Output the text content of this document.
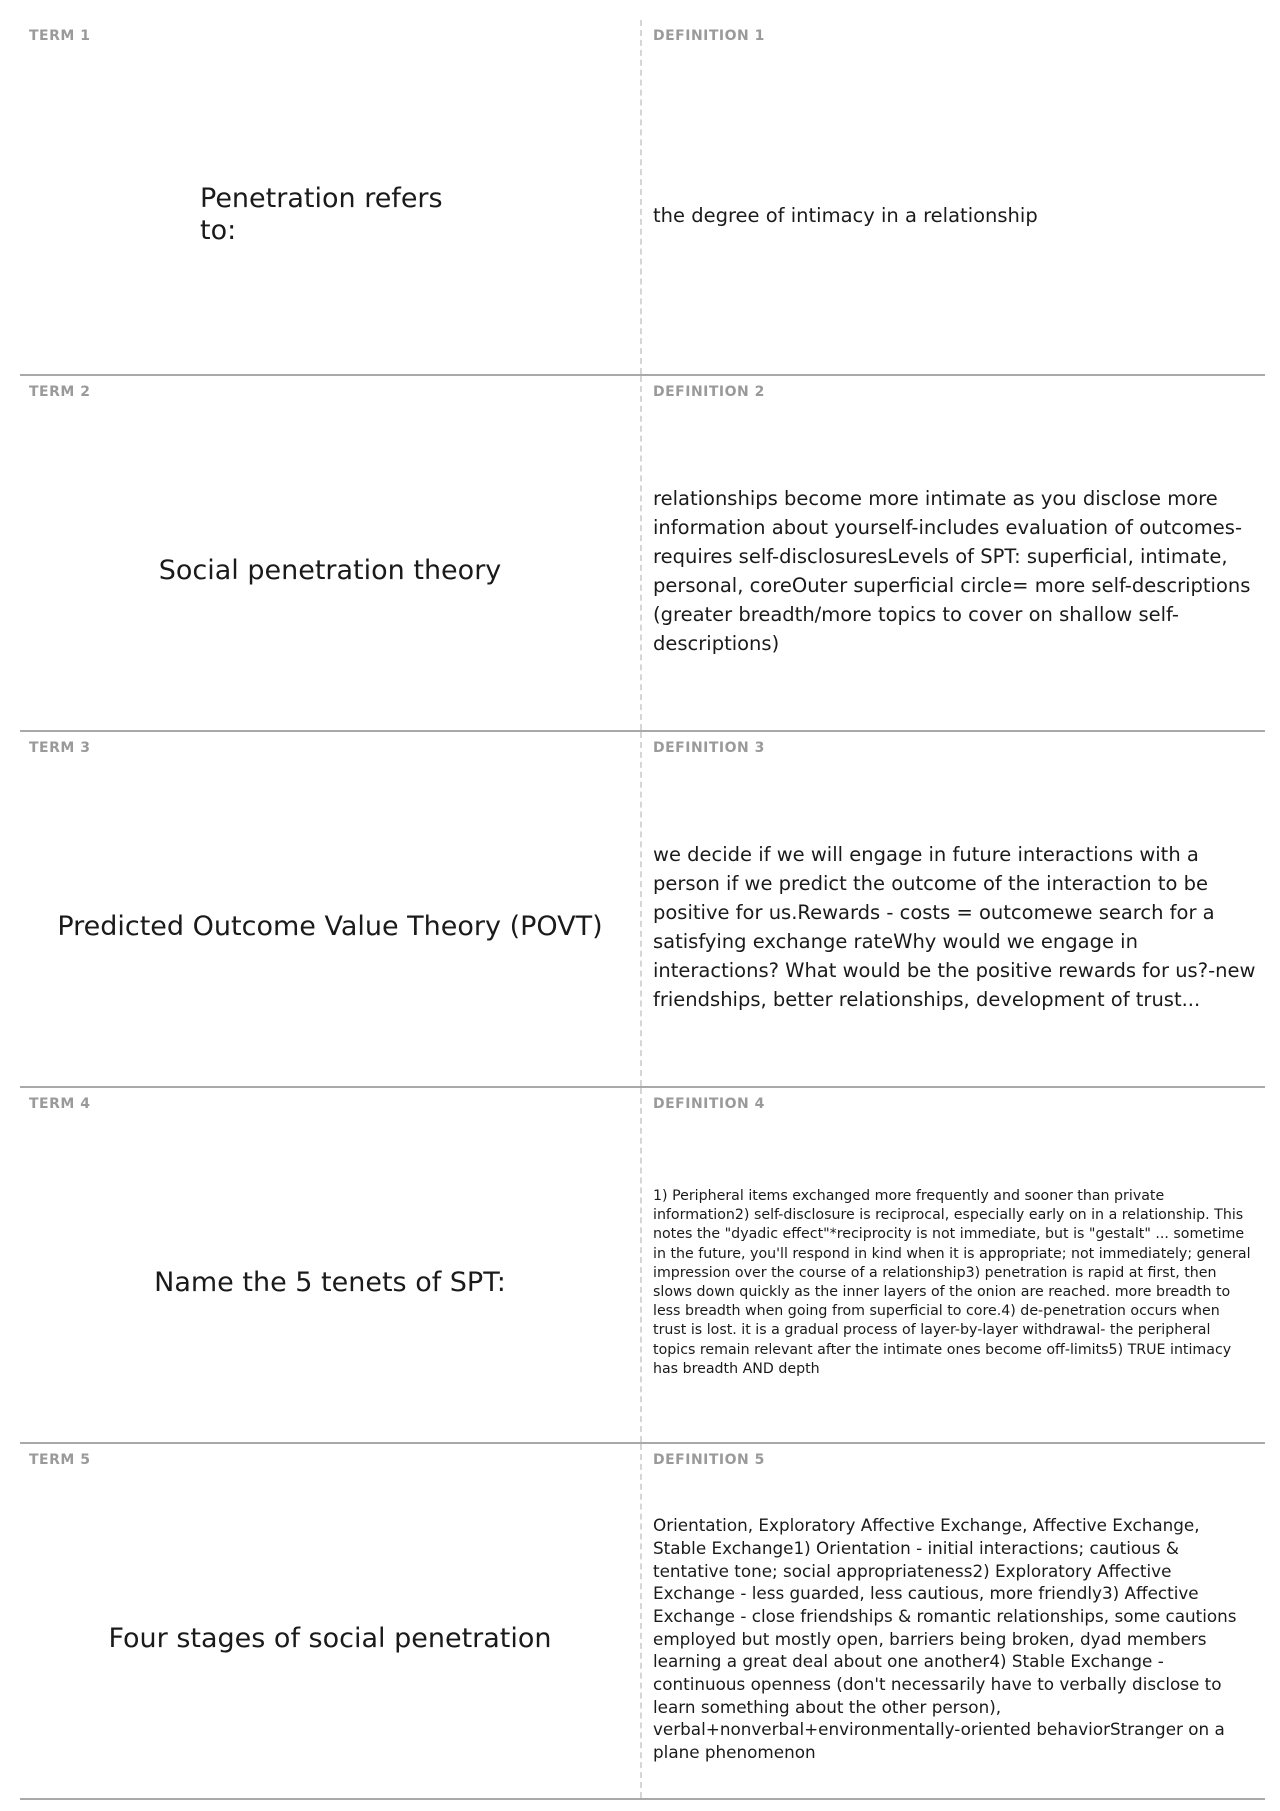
TERM 1
Penetration refers to:
DEFINITION 1
the degree of intimacy in a relationship
TERM 2
Social penetration theory
DEFINITION 2
relationships become more intimate as you disclose more information about yourself-includes evaluation of outcomes-requires self-disclosuresLevels of SPT: superficial, intimate, personal, coreOuter superficial circle= more self-descriptions (greater breadth/more topics to cover on shallow self-descriptions)
TERM 3
Predicted Outcome Value Theory (POVT)
DEFINITION 3
we decide if we will engage in future interactions with a person if we predict the outcome of the interaction to be positive for us.Rewards - costs = outcomewe search for a satisfying exchange rateWhy would we engage in interactions? What would be the positive rewards for us?-new friendships, better relationships, development of trust...
TERM 4
Name the 5 tenets of SPT:
DEFINITION 4
1) Peripheral items exchanged more frequently and sooner than private information2) self-disclosure is reciprocal, especially early on in a relationship. This notes the "dyadic effect"*reciprocity is not immediate, but is "gestalt" ... sometime in the future, you'll respond in kind when it is appropriate; not immediately; general impression over the course of a relationship3) penetration is rapid at first, then slows down quickly as the inner layers of the onion are reached. more breadth to less breadth when going from superficial to core.4) de-penetration occurs when trust is lost. it is a gradual process of layer-by-layer withdrawal- the peripheral topics remain relevant after the intimate ones become off-limits5) TRUE intimacy has breadth AND depth
TERM 5
Four stages of social penetration
DEFINITION 5
Orientation, Exploratory Affective Exchange, Affective Exchange, Stable Exchange1) Orientation - initial interactions; cautious & tentative tone; social appropriateness2) Exploratory Affective Exchange - less guarded, less cautious, more friendly3) Affective Exchange - close friendships & romantic relationships, some cautions employed but mostly open, barriers being broken, dyad members learning a great deal about one another4) Stable Exchange - continuous openness (don't necessarily have to verbally disclose to learn something about the other person), verbal+nonverbal+environmentally-oriented behaviorStranger on a plane phenomenon
